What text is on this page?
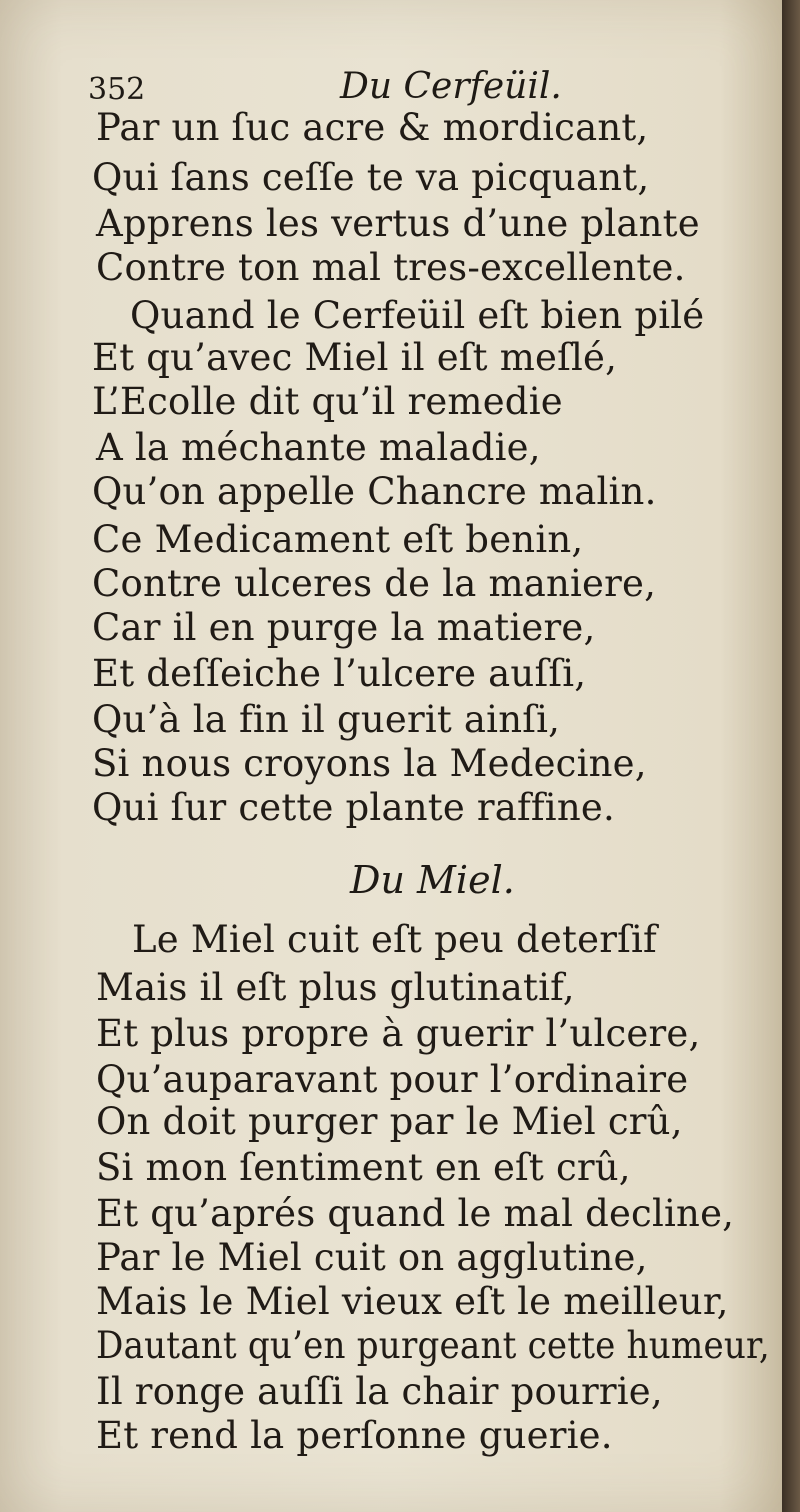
352	Du Cerfeüil.
Par un ſuc acre & mordicant,
Qui ſans ceſſe te va picquant,
Apprens les vertus d’une plante
Contre ton mal tres-excellente.
Quand le Cerfeüil eſt bien pilé
Et qu’avec Miel il eſt meſlé,
L’Ecolle dit qu’il remedie
A la méchante maladie,
Qu’on appelle Chancre malin.
Ce Medicament eſt benin,
Contre ulceres de la maniere,
Car il en purge la matiere,
Et deſſeiche l’ulcere auſſi,
Qu’à la fin il guerit ainſi,
Si nous croyons la Medecine,
Qui ſur cette plante raffine.
Du Miel.
Le Miel cuit eſt peu deterſif
Mais il eſt plus glutinatif,
Et plus propre à guerir l’ulcere,
Qu’auparavant pour l’ordinaire
On doit purger par le Miel crû,
Si mon ſentiment en eſt crû,
Et qu’aprés quand le mal decline,
Par le Miel cuit on agglutine,
Mais le Miel vieux eſt le meilleur,
Dautant qu’en purgeant cette humeur,
Il ronge auſſi la chair pourrie,
Et rend la perſonne guerie.
